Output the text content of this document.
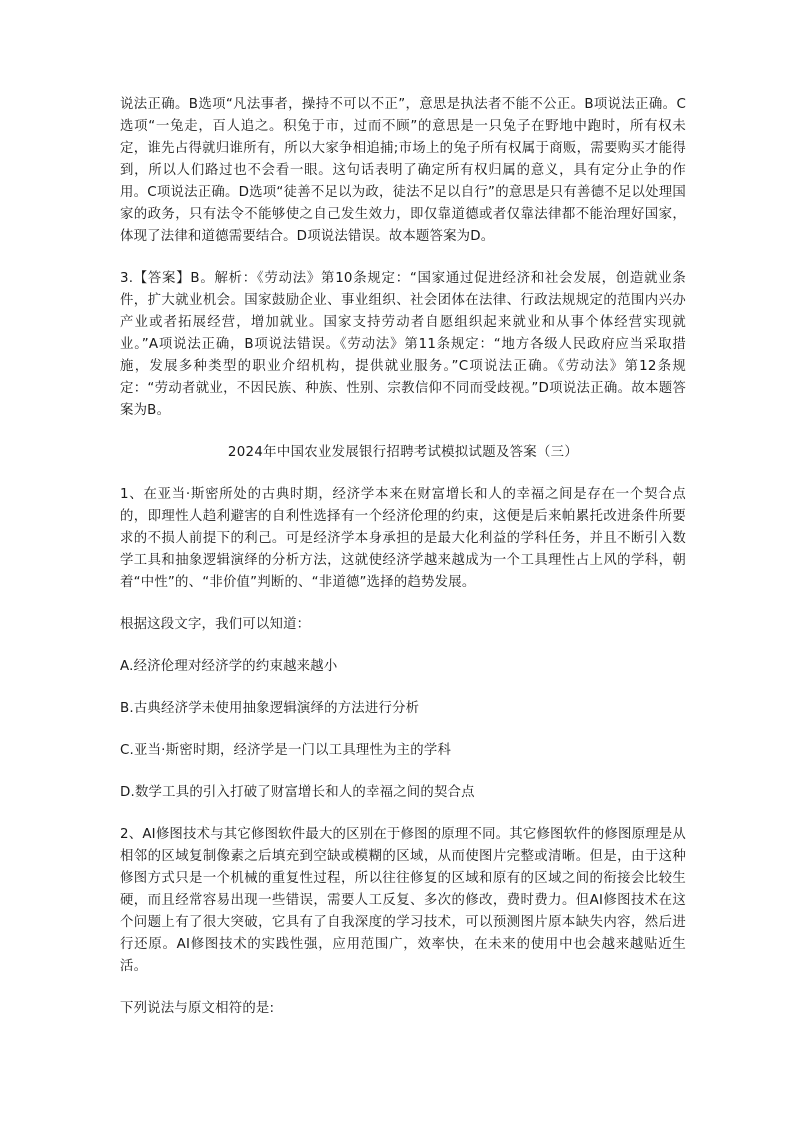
说法正确。B选项“凡法事者，操持不可以不正”，意思是执法者不能不公正。B项说法正确。C选项“一兔走，百人追之。积兔于市，过而不顾”的意思是一只兔子在野地中跑时，所有权未定，谁先占得就归谁所有，所以大家争相追捕;市场上的兔子所有权属于商贩，需要购买才能得到，所以人们路过也不会看一眼。这句话表明了确定所有权归属的意义，具有定分止争的作用。C项说法正确。D选项“徒善不足以为政，徒法不足以自行”的意思是只有善德不足以处理国家的政务，只有法令不能够使之自己发生效力，即仅靠道德或者仅靠法律都不能治理好国家，体现了法律和道德需要结合。D项说法错误。故本题答案为D。

3.【答案】B。解析：《劳动法》第10条规定：“国家通过促进经济和社会发展，创造就业条件，扩大就业机会。国家鼓励企业、事业组织、社会团体在法律、行政法规规定的范围内兴办产业或者拓展经营，增加就业。国家支持劳动者自愿组织起来就业和从事个体经营实现就业。”A项说法正确，B项说法错误。《劳动法》第11条规定：“地方各级人民政府应当采取措施，发展多种类型的职业介绍机构，提供就业服务。”C项说法正确。《劳动法》第12条规定：“劳动者就业，不因民族、种族、性别、宗教信仰不同而受歧视。”D项说法正确。故本题答案为B。

2024年中国农业发展银行招聘考试模拟试题及答案（三）

1、在亚当·斯密所处的古典时期，经济学本来在财富增长和人的幸福之间是存在一个契合点的，即理性人趋利避害的自利性选择有一个经济伦理的约束，这便是后来帕累托改进条件所要求的不损人前提下的利己。可是经济学本身承担的是最大化利益的学科任务，并且不断引入数学工具和抽象逻辑演绎的分析方法，这就使经济学越来越成为一个工具理性占上风的学科，朝着“中性”的、“非价值”判断的、“非道德”选择的趋势发展。

根据这段文字，我们可以知道：

A.经济伦理对经济学的约束越来越小

B.古典经济学未使用抽象逻辑演绎的方法进行分析

C.亚当·斯密时期，经济学是一门以工具理性为主的学科

D.数学工具的引入打破了财富增长和人的幸福之间的契合点

2、AI修图技术与其它修图软件最大的区别在于修图的原理不同。其它修图软件的修图原理是从相邻的区域复制像素之后填充到空缺或模糊的区域，从而使图片完整或清晰。但是，由于这种修图方式只是一个机械的重复性过程，所以往往修复的区域和原有的区域之间的衔接会比较生硬，而且经常容易出现一些错误，需要人工反复、多次的修改，费时费力。但AI修图技术在这个问题上有了很大突破，它具有了自我深度的学习技术，可以预测图片原本缺失内容，然后进行还原。AI修图技术的实践性强，应用范围广，效率快，在未来的使用中也会越来越贴近生活。

下列说法与原文相符的是:
